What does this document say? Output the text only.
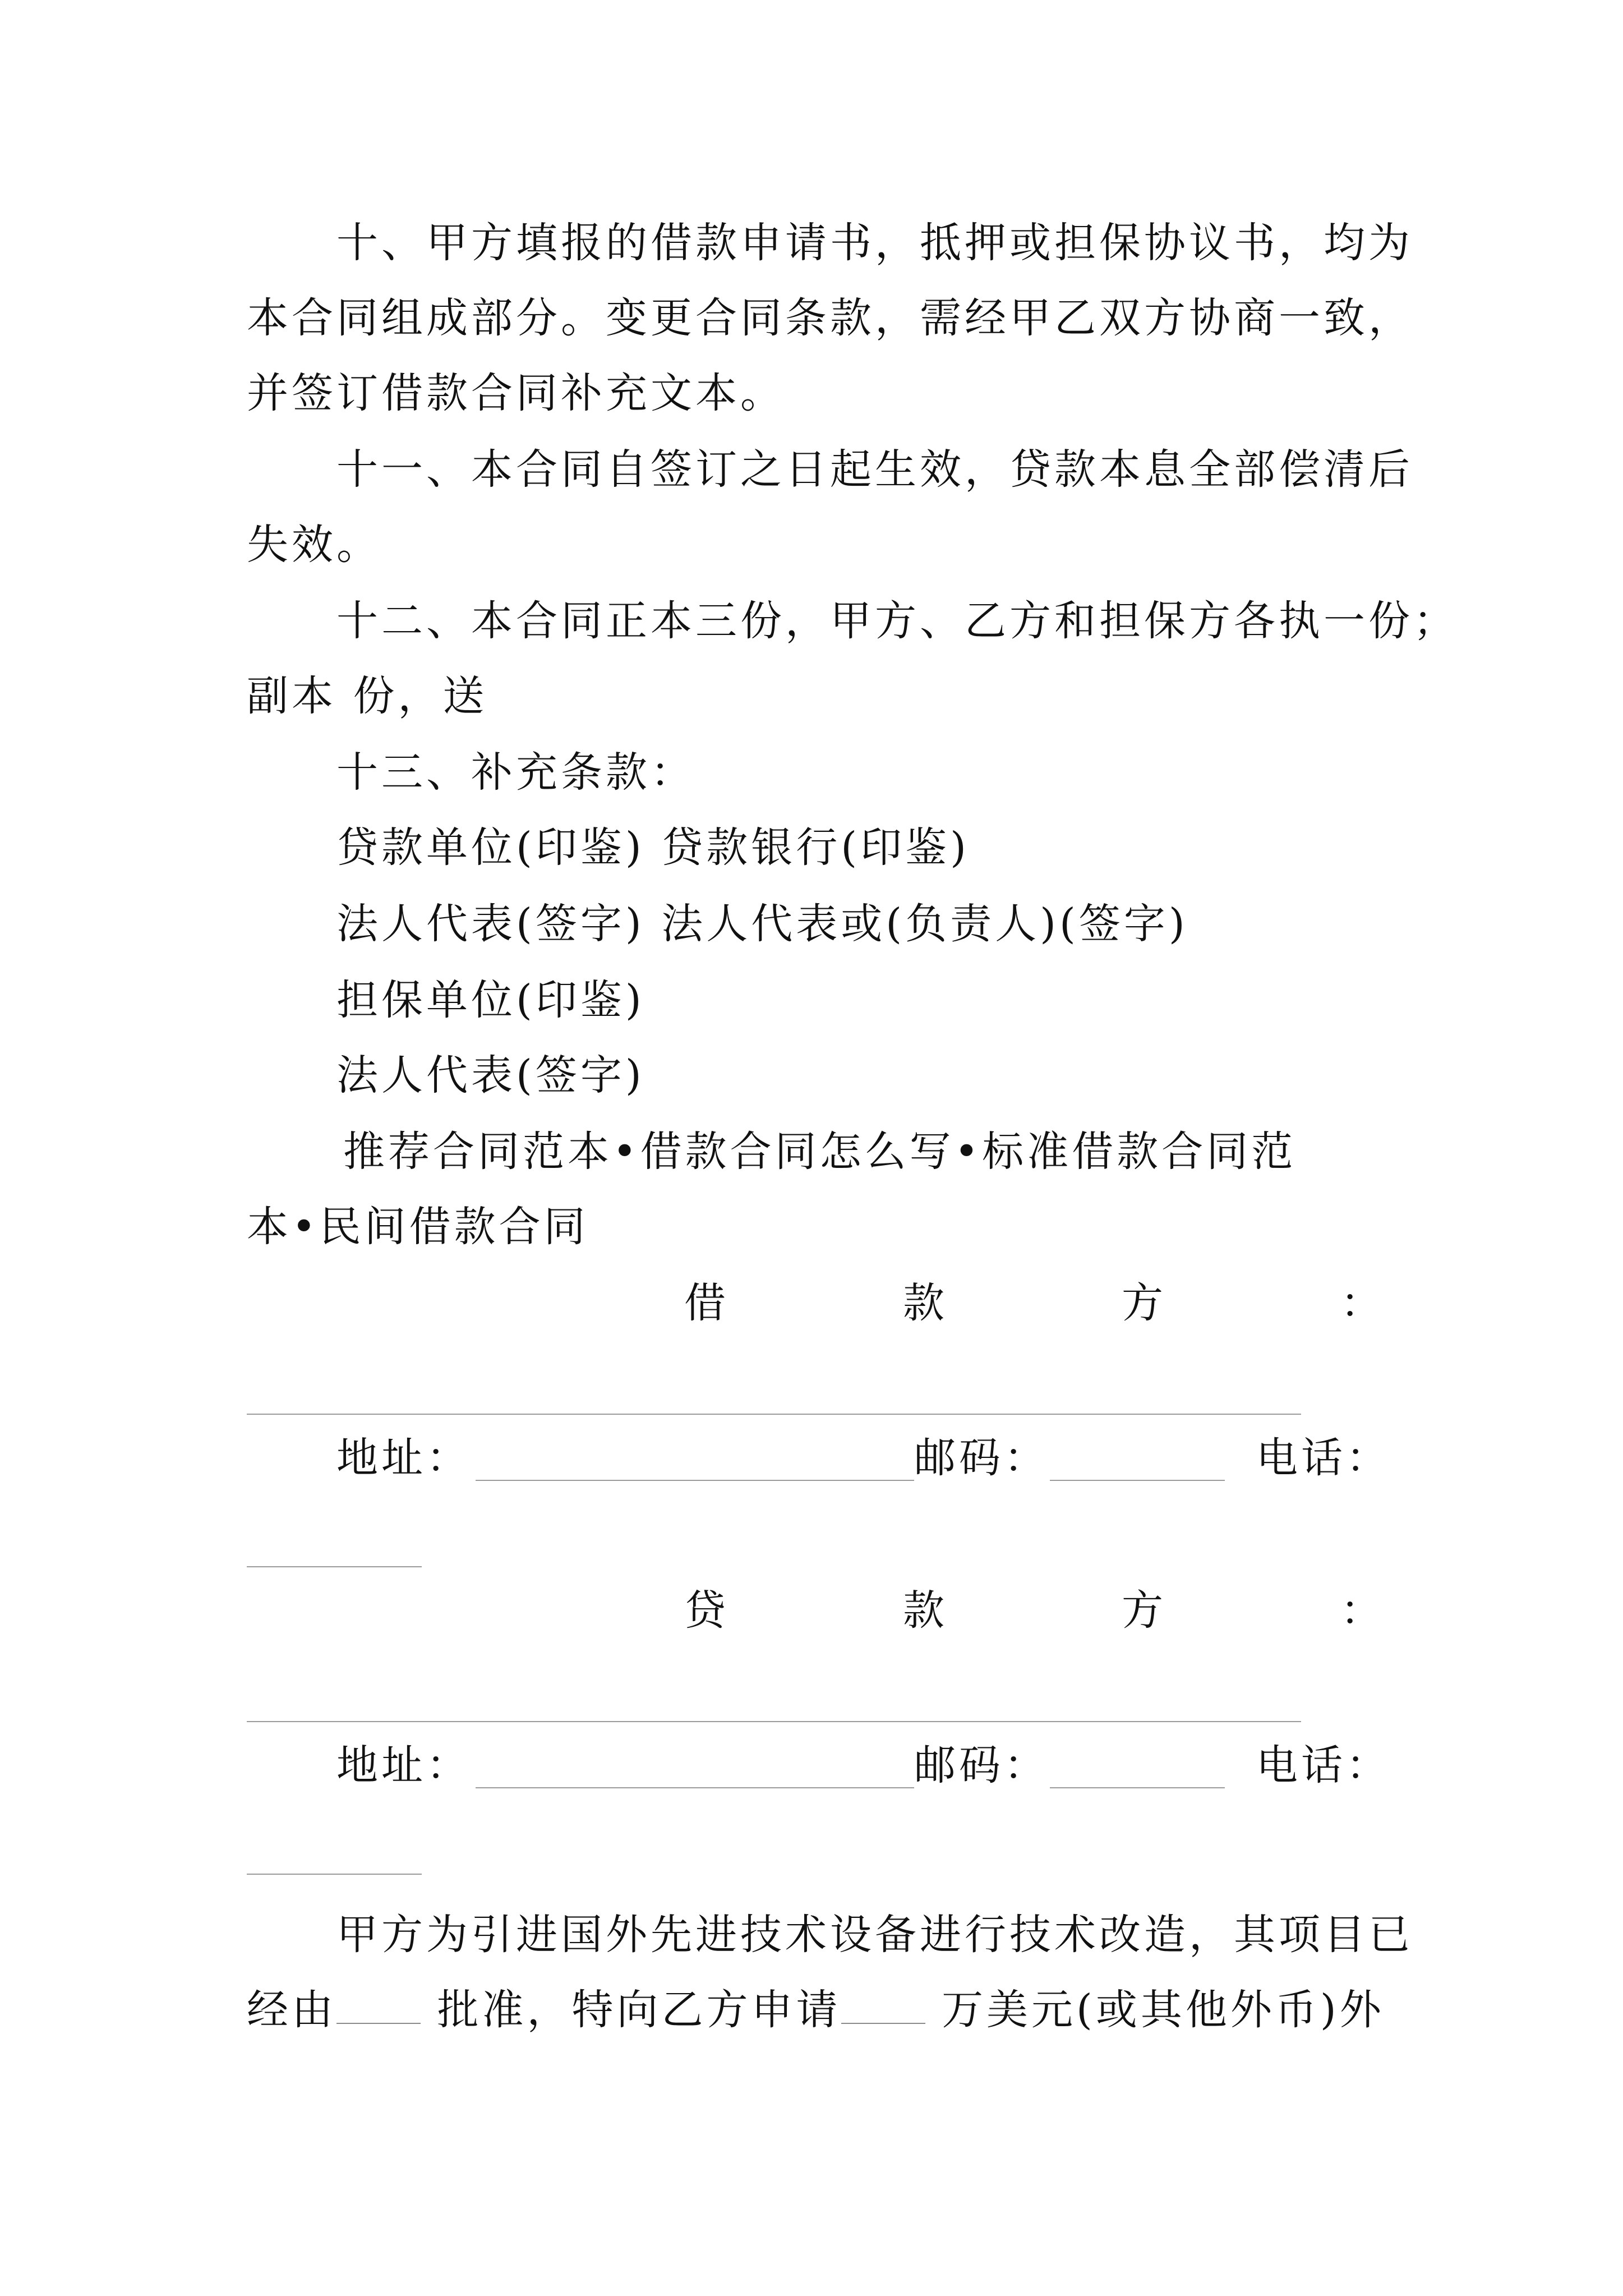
十、甲方填报的借款申请书，抵押或担保协议书，均为
本合同组成部分。变更合同条款，需经甲乙双方协商一致，
并签订借款合同补充文本。
十一、本合同自签订之日起生效，贷款本息全部偿清后
失效。
十二、本合同正本三份，甲方、乙方和担保方各执一份；
副本 份，送
十三、补充条款：
贷款单位(印鉴) 贷款银行(印鉴)
法人代表(签字) 法人代表或(负责人)(签字)
担保单位(印鉴)
法人代表(签字)
推荐合同范本•借款合同怎么写•标准借款合同范
本•民间借款合同
借	款	方	：
地址：	邮码：	电话：
贷	款	方	：
地址：	邮码：	电话：
甲方为引进国外先进技术设备进行技术改造，其项目已
经由 批准，特向乙方申请 万美元(或其他外币)外
